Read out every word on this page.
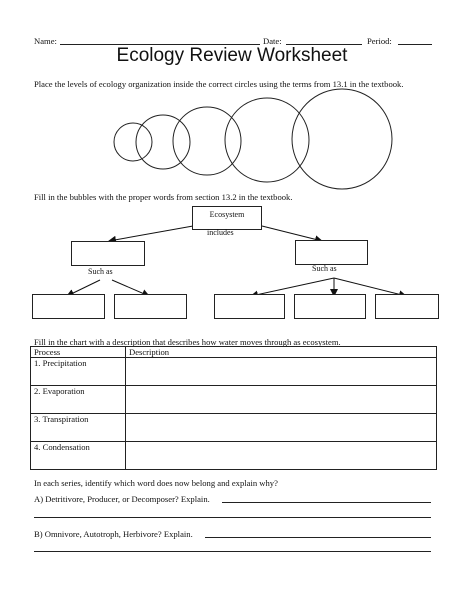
Name:	Date:	Period:
Ecology Review Worksheet
Place the levels of ecology organization inside the correct circles using the terms from 13.1 in the textbook.
Fill in the bubbles with the proper words from section 13.2 in the textbook.
Ecosystem
includes
Such as	Such as
Fill in the chart with a description that describes how water moves through as ecosystem.
Process	Description
1. Precipitation	
2. Evaporation	
3. Transpiration	
4. Condensation	
In each series, identify which word does now belong and explain why?
A) Detritivore, Producer, or Decomposer? Explain.
B) Omnivore, Autotroph, Herbivore? Explain.
